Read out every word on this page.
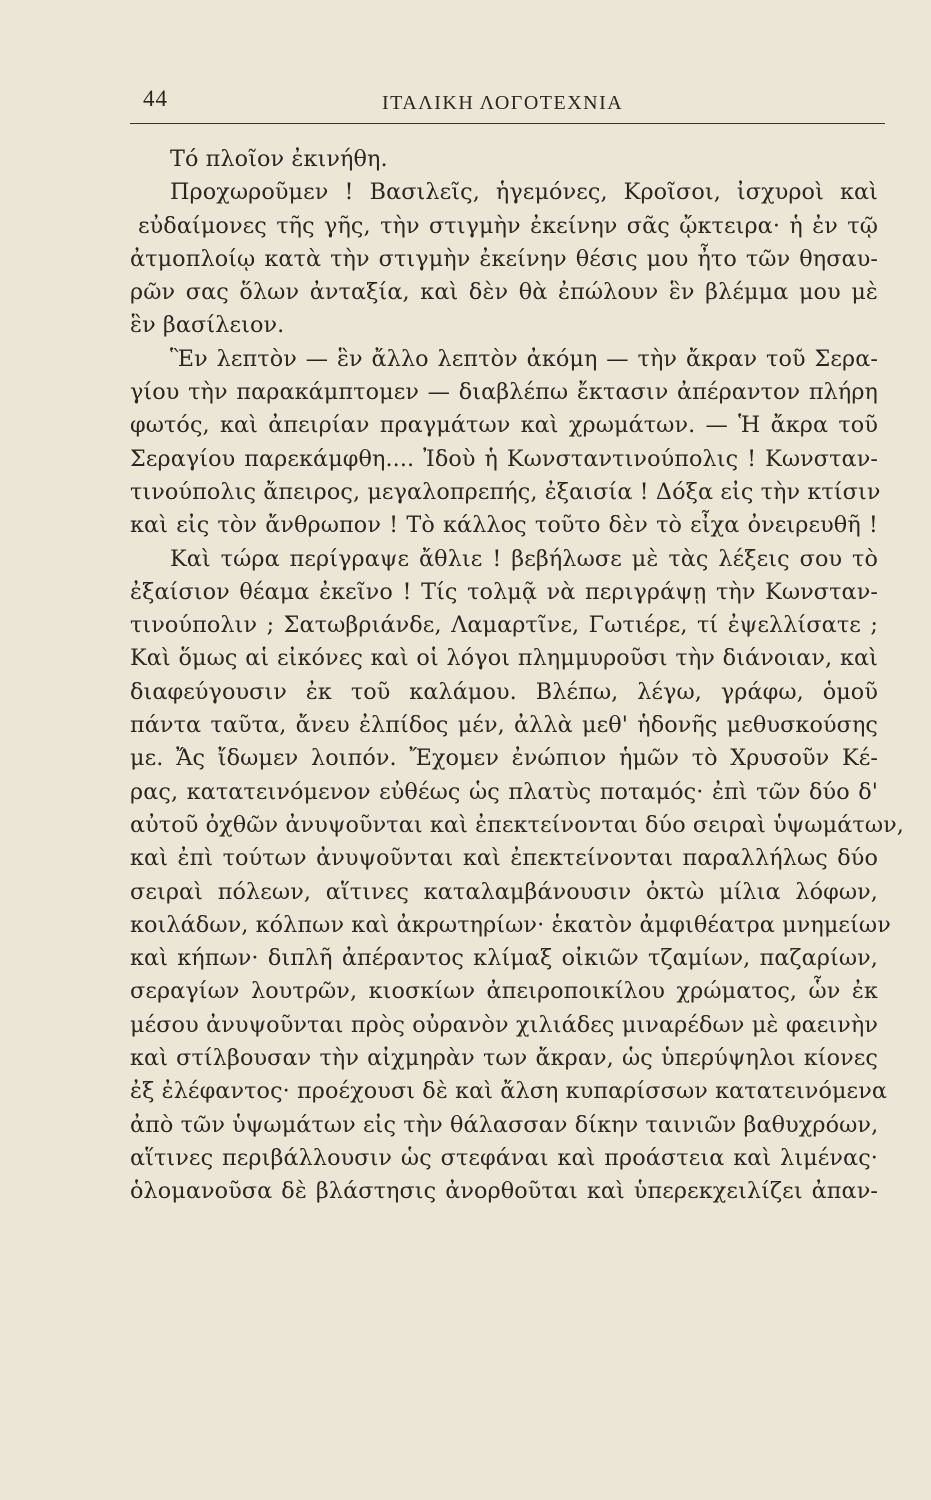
44	ΙΤΑΛΙΚΗ ΛΟΓΟΤΕΧΝΙΑ
Τό πλοῖον ἐκινήθη.
Προχωροῦμεν ! Βασιλεῖς, ἡγεμόνες, Κροῖσοι, ἰσχυροὶ καὶ
εὐδαίμονες τῆς γῆς, τὴν στιγμὴν ἐκείνην σᾶς ᾤκτειρα· ἡ ἐν τῷ
ἀτμοπλοίῳ κατὰ τὴν στιγμὴν ἐκείνην θέσις μου ἦτο τῶν θησαυ-
ρῶν σας ὅλων ἀνταξία, καὶ δὲν θὰ ἐπώλουν ἓν βλέμμα μου μὲ
ἓν βασίλειον.
Ἓν λεπτὸν — ἓν ἄλλο λεπτὸν ἀκόμη — τὴν ἄκραν τοῦ Σερα-
γίου τὴν παρακάμπτομεν — διαβλέπω ἔκτασιν ἀπέραντον πλήρη
φωτός, καὶ ἀπειρίαν πραγμάτων καὶ χρωμάτων. — Ἡ ἄκρα τοῦ
Σεραγίου παρεκάμφθη.... Ἰδοὺ ἡ Κωνσταντινούπολις ! Κωνσταν-
τινούπολις ἄπειρος, μεγαλοπρεπής, ἐξαισία ! Δόξα εἰς τὴν κτίσιν
καὶ εἰς τὸν ἄνθρωπον ! Τὸ κάλλος τοῦτο δὲν τὸ εἶχα ὀνειρευθῆ !
Καὶ τώρα περίγραψε ἄθλιε ! βεβήλωσε μὲ τὰς λέξεις σου τὸ
ἐξαίσιον θέαμα ἐκεῖνο ! Τίς τολμᾷ νὰ περιγράψῃ τὴν Κωνσταν-
τινούπολιν ; Σατωβριάνδε, Λαμαρτῖνε, Γωτιέρε, τί ἐψελλίσατε ;
Καὶ ὅμως αἱ εἰκόνες καὶ οἱ λόγοι πλημμυροῦσι τὴν διάνοιαν, καὶ
διαφεύγουσιν ἐκ τοῦ καλάμου. Βλέπω, λέγω, γράφω, ὁμοῦ
πάντα ταῦτα, ἄνευ ἐλπίδος μέν, ἀλλὰ μεθ' ἡδονῆς μεθυσκούσης
με. Ἄς ἴδωμεν λοιπόν. Ἔχομεν ἐνώπιον ἡμῶν τὸ Χρυσοῦν Κέ-
ρας, κατατεινόμενον εὐθέως ὡς πλατὺς ποταμός· ἐπὶ τῶν δύο δ'
αὐτοῦ ὀχθῶν ἀνυψοῦνται καὶ ἐπεκτείνονται δύο σειραὶ ὑψωμάτων,
καὶ ἐπὶ τούτων ἀνυψοῦνται καὶ ἐπεκτείνονται παραλλήλως δύο
σειραὶ πόλεων, αἵτινες καταλαμβάνουσιν ὀκτὼ μίλια λόφων,
κοιλάδων, κόλπων καὶ ἀκρωτηρίων· ἑκατὸν ἀμφιθέατρα μνημείων
καὶ κήπων· διπλῆ ἀπέραντος κλίμαξ οἰκιῶν τζαμίων, παζαρίων,
σεραγίων λουτρῶν, κιοσκίων ἀπειροποικίλου χρώματος, ὧν ἐκ
μέσου ἀνυψοῦνται πρὸς οὐρανὸν χιλιάδες μιναρέδων μὲ φαεινὴν
καὶ στίλβουσαν τὴν αἰχμηρὰν των ἄκραν, ὡς ὑπερύψηλοι κίονες
ἐξ ἐλέφαντος· προέχουσι δὲ καὶ ἄλση κυπαρίσσων κατατεινόμενα
ἀπὸ τῶν ὑψωμάτων εἰς τὴν θάλασσαν δίκην ταινιῶν βαθυχρόων,
αἵτινες περιβάλλουσιν ὡς στεφάναι καὶ προάστεια καὶ λιμένας·
ὁλομανοῦσα δὲ βλάστησις ἀνορθοῦται καὶ ὑπερεκχειλίζει ἀπαν-
